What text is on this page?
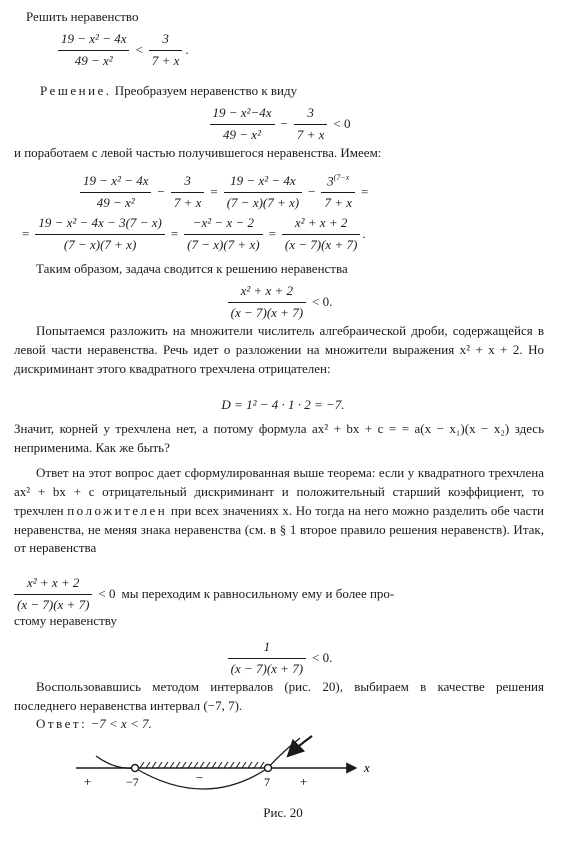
Решить неравенство
$\frac{\text{19 − x² − 4x}}{\text{49 − x²}} < \frac{3}{7 + x}$ .
Решение. Преобразуем неравенство к виду
$\frac{\text{19 − x²−4x}}{\text{49 − x²}} - \frac{3}{7 + x} < 0$
и поработаем с левой частью получившегося неравенства. Имеем:
$\frac{\text{19 − x² − 4x}}{\text{49 − x²}} - \frac{3}{7 + x} = \frac{\text{19 − x² − 4x}}{(7 - x)(7 + x)} - \frac{3^{(7-x}}{7 + x}$ =
= $\frac{\text{19 − x² − 4x − 3(7 − x)}}{(7 - x)(7 + x)} = \frac{\text{−x² − x − 2}}{(7 - x)(7 + x)} = \frac{\text{x² + x + 2}}{(x - 7)(x + 7)}$ .
Таким образом, задача сводится к решению неравенства
$\frac{\text{x² + x + 2}}{(x - 7)(x + 7)} < 0$.
Попытаемся разложить на множители числитель алгебраической дроби, содержащейся в левой части неравенства. Речь идет о разложении на множители выражения x² + x + 2. Но дискриминант этого квадратного трехчлена отрицателен:
D = 1² − 4 · 1 · 2 = −7.
Значит, корней у трехчлена нет, а потому формула ax² + bx + c = = a(x − x₁)(x − x₂) здесь неприменима. Как же быть?
Ответ на этот вопрос дает сформулированная выше теорема: если у квадратного трехчлена ax² + bx + c отрицательный дискриминант и положительный старший коэффициент, то трехчлен положителен при всех значениях x. Но тогда на него можно разделить обе части неравенства, не меняя знака неравенства (см. в § 1 второе правило решения неравенств). Итак, от неравенства
$\frac{\text{x² + x + 2}}{(x - 7)(x + 7)} < 0$ мы переходим к равносильному ему и более про-
стому неравенству
$\frac{1}{(x - 7)(x + 7)} < 0$.
Воспользовавшись методом интервалов (рис. 20), выбираем в качестве решения последнего неравенства интервал (−7, 7).
Ответ: −7 < x < 7.
+	−7	−	7 +
x
Рис. 20
